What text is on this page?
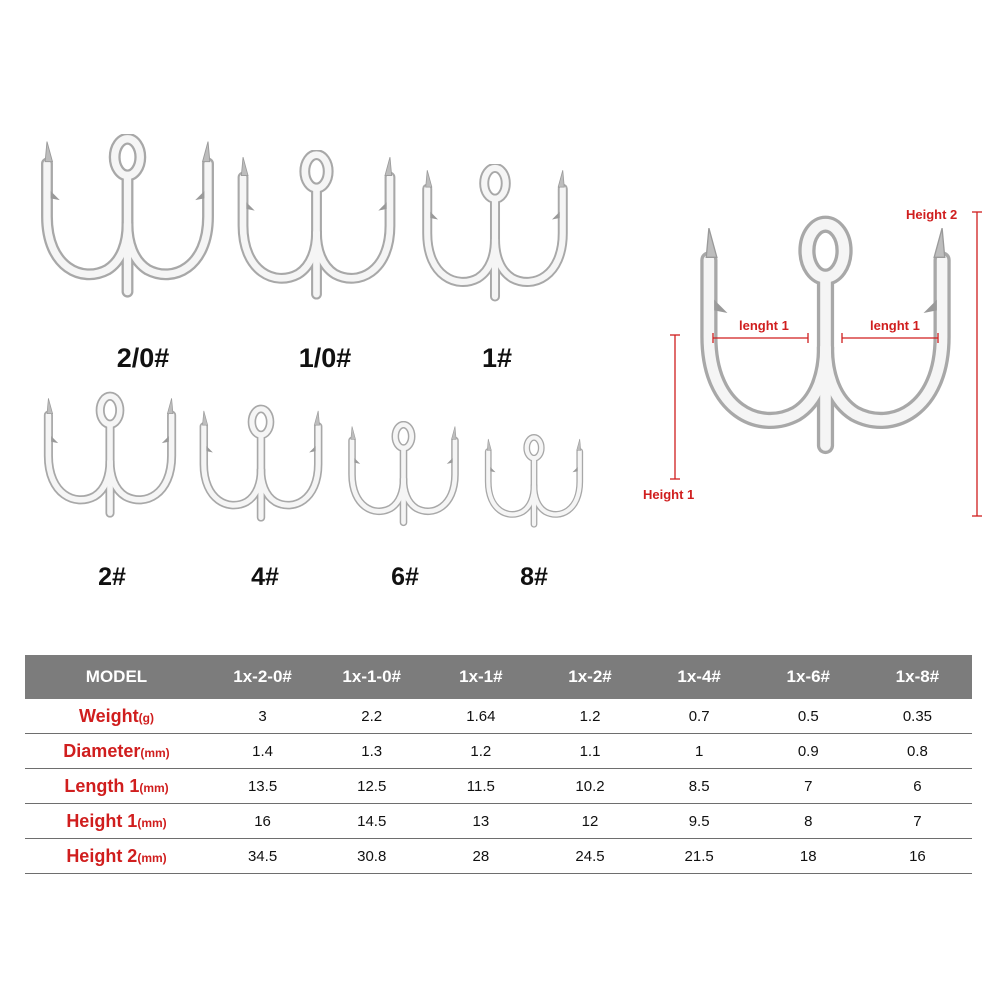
2/0#	1/0#	1#
2#	4#	6#	8#
Height 2
Height 1
lenght 1	lenght 1
MODEL	1x-2-0#	1x-1-0#	1x-1#	1x-2#	1x-4#	1x-6#	1x-8#
Weight(g)	3	2.2	1.64	1.2	0.7	0.5	0.35
Diameter(mm)	1.4	1.3	1.2	1.1	1	0.9	0.8
Length 1(mm)	13.5	12.5	11.5	10.2	8.5	7	6
Height 1(mm)	16	14.5	13	12	9.5	8	7
Height 2(mm)	34.5	30.8	28	24.5	21.5	18	16
